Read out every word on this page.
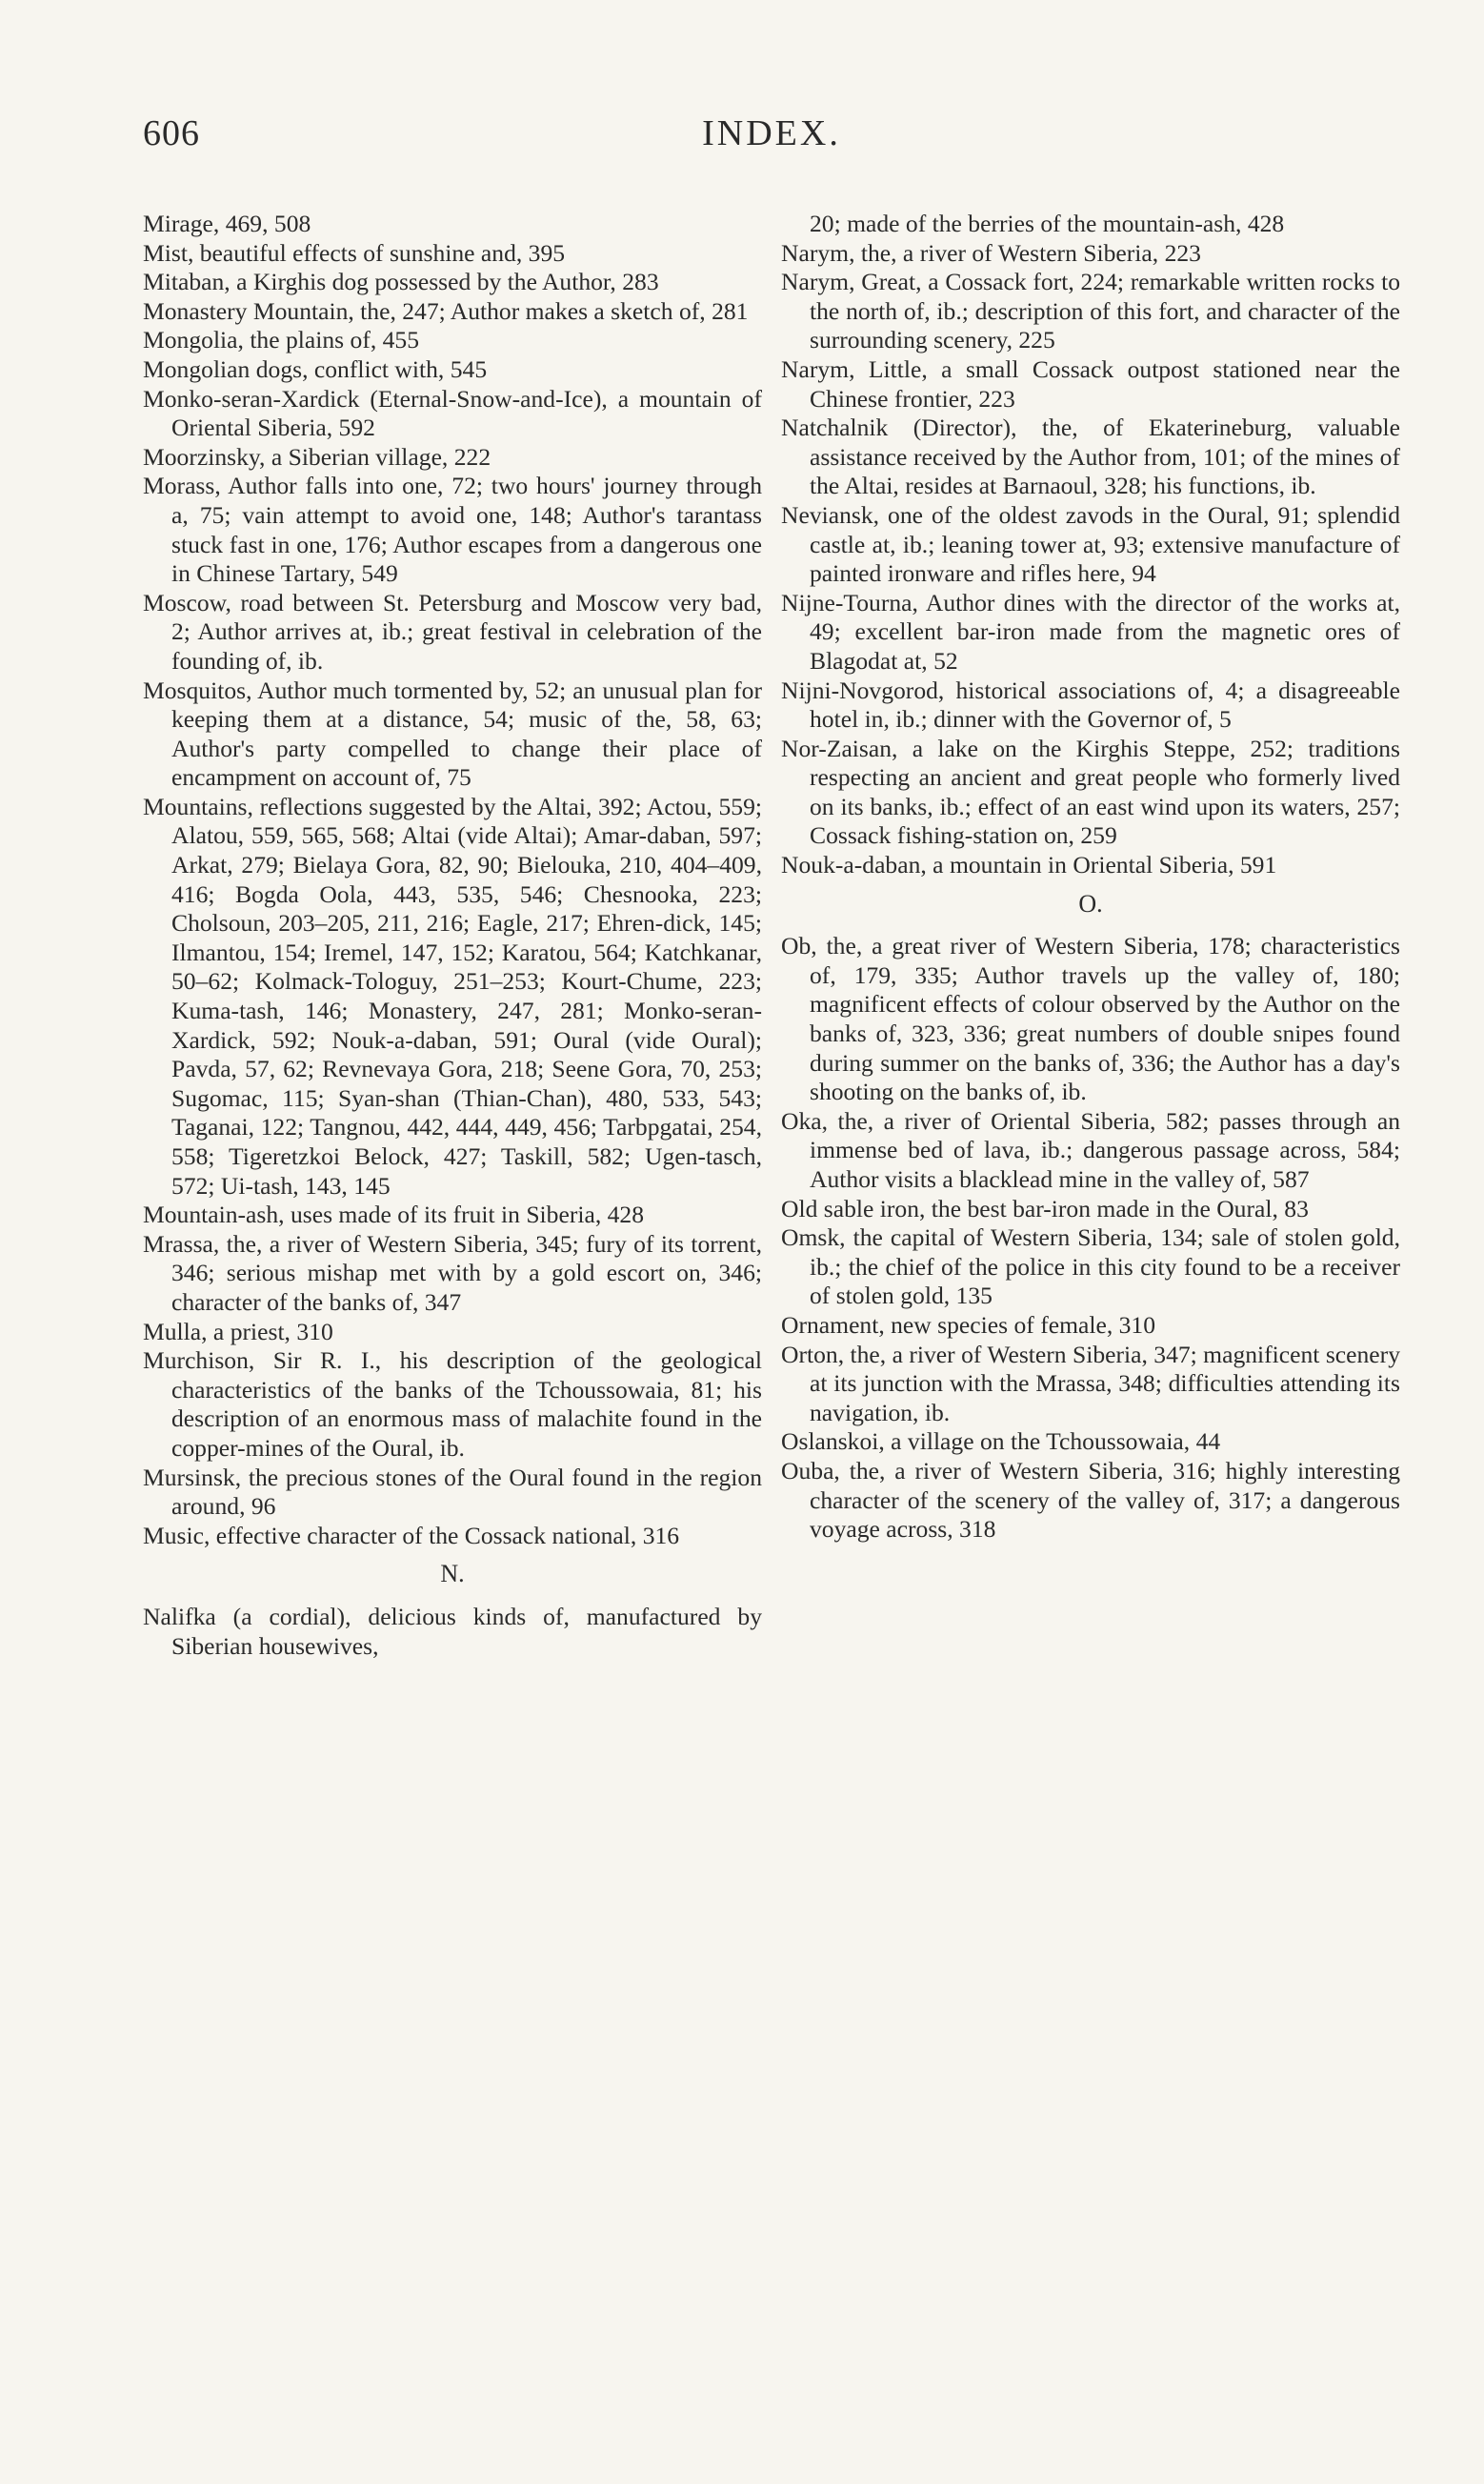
606	INDEX.

Mirage, 469, 508

Mist, beautiful effects of sunshine and, 395

Mitaban, a Kirghis dog possessed by the Author, 283

Monastery Mountain, the, 247; Author makes a sketch of, 281

Mongolia, the plains of, 455

Mongolian dogs, conflict with, 545

Monko-seran-Xardick (Eternal-Snow-and-Ice), a mountain of Oriental Siberia, 592

Moorzinsky, a Siberian village, 222

Morass, Author falls into one, 72; two hours' journey through a, 75; vain attempt to avoid one, 148; Author's tarantass stuck fast in one, 176; Author escapes from a dangerous one in Chinese Tartary, 549

Moscow, road between St. Petersburg and Moscow very bad, 2; Author arrives at, ib.; great festival in celebration of the founding of, ib.

Mosquitos, Author much tormented by, 52; an unusual plan for keeping them at a distance, 54; music of the, 58, 63; Author's party compelled to change their place of encampment on account of, 75

Mountains, reflections suggested by the Altai, 392; Actou, 559; Alatou, 559, 565, 568; Altai (vide Altai); Amar-daban, 597; Arkat, 279; Bielaya Gora, 82, 90; Bielouka, 210, 404–409, 416; Bogda Oola, 443, 535, 546; Chesnooka, 223; Cholsoun, 203–205, 211, 216; Eagle, 217; Ehren-dick, 145; Ilmantou, 154; Iremel, 147, 152; Karatou, 564; Katchkanar, 50–62; Kolmack-Tologuy, 251–253; Kourt-Chume, 223; Kuma-tash, 146; Monastery, 247, 281; Monko-seran-Xardick, 592; Nouk-a-daban, 591; Oural (vide Oural); Pavda, 57, 62; Revnevaya Gora, 218; Seene Gora, 70, 253; Sugomac, 115; Syan-shan (Thian-Chan), 480, 533, 543; Taganai, 122; Tangnou, 442, 444, 449, 456; Tarbpgatai, 254, 558; Tigeretzkoi Belock, 427; Taskill, 582; Ugen-tasch, 572; Ui-tash, 143, 145

Mountain-ash, uses made of its fruit in Siberia, 428

Mrassa, the, a river of Western Siberia, 345; fury of its torrent, 346; serious mishap met with by a gold escort on, 346; character of the banks of, 347

Mulla, a priest, 310

Murchison, Sir R. I., his description of the geological characteristics of the banks of the Tchoussowaia, 81; his description of an enormous mass of malachite found in the copper-mines of the Oural, ib.

Mursinsk, the precious stones of the Oural found in the region around, 96

Music, effective character of the Cossack national, 316

N.

Nalifka (a cordial), delicious kinds of, manufactured by Siberian housewives,

20; made of the berries of the mountain-ash, 428

Narym, the, a river of Western Siberia, 223

Narym, Great, a Cossack fort, 224; remarkable written rocks to the north of, ib.; description of this fort, and character of the surrounding scenery, 225

Narym, Little, a small Cossack outpost stationed near the Chinese frontier, 223

Natchalnik (Director), the, of Ekaterineburg, valuable assistance received by the Author from, 101; of the mines of the Altai, resides at Barnaoul, 328; his functions, ib.

Neviansk, one of the oldest zavods in the Oural, 91; splendid castle at, ib.; leaning tower at, 93; extensive manufacture of painted ironware and rifles here, 94

Nijne-Tourna, Author dines with the director of the works at, 49; excellent bar-iron made from the magnetic ores of Blagodat at, 52

Nijni-Novgorod, historical associations of, 4; a disagreeable hotel in, ib.; dinner with the Governor of, 5

Nor-Zaisan, a lake on the Kirghis Steppe, 252; traditions respecting an ancient and great people who formerly lived on its banks, ib.; effect of an east wind upon its waters, 257; Cossack fishing-station on, 259

Nouk-a-daban, a mountain in Oriental Siberia, 591

O.

Ob, the, a great river of Western Siberia, 178; characteristics of, 179, 335; Author travels up the valley of, 180; magnificent effects of colour observed by the Author on the banks of, 323, 336; great numbers of double snipes found during summer on the banks of, 336; the Author has a day's shooting on the banks of, ib.

Oka, the, a river of Oriental Siberia, 582; passes through an immense bed of lava, ib.; dangerous passage across, 584; Author visits a blacklead mine in the valley of, 587

Old sable iron, the best bar-iron made in the Oural, 83

Omsk, the capital of Western Siberia, 134; sale of stolen gold, ib.; the chief of the police in this city found to be a receiver of stolen gold, 135

Ornament, new species of female, 310

Orton, the, a river of Western Siberia, 347; magnificent scenery at its junction with the Mrassa, 348; difficulties attending its navigation, ib.

Oslanskoi, a village on the Tchoussowaia, 44

Ouba, the, a river of Western Siberia, 316; highly interesting character of the scenery of the valley of, 317; a dangerous voyage across, 318
